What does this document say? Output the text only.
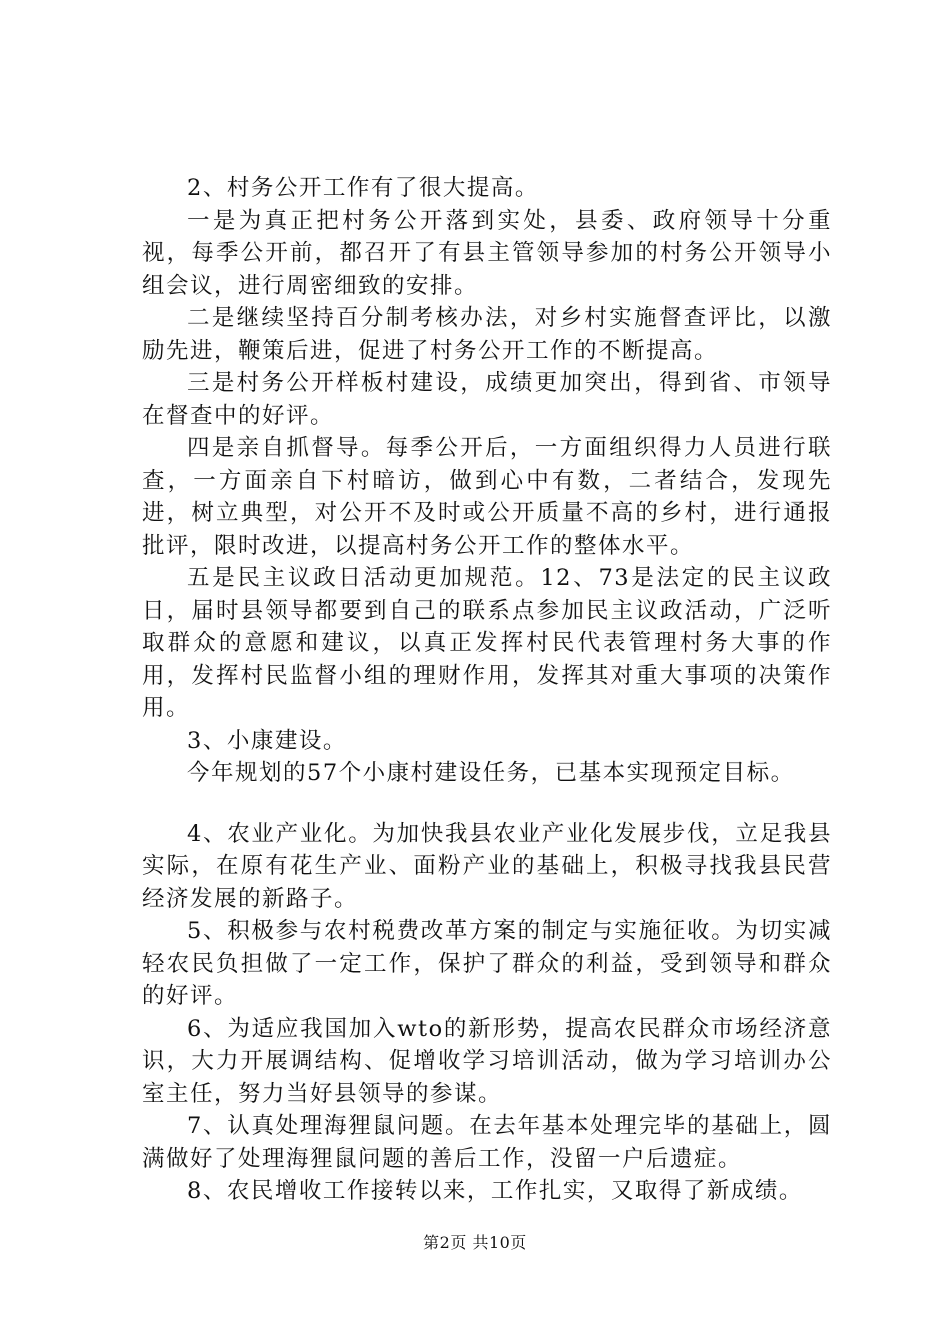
2、村务公开工作有了很大提高。

一是为真正把村务公开落到实处，县委、政府领导十分重视，每季公开前，都召开了有县主管领导参加的村务公开领导小组会议，进行周密细致的安排。

二是继续坚持百分制考核办法，对乡村实施督查评比，以激励先进，鞭策后进，促进了村务公开工作的不断提高。

三是村务公开样板村建设，成绩更加突出，得到省、市领导在督查中的好评。

四是亲自抓督导。每季公开后，一方面组织得力人员进行联查，一方面亲自下村暗访，做到心中有数，二者结合，发现先进，树立典型，对公开不及时或公开质量不高的乡村，进行通报批评，限时改进，以提高村务公开工作的整体水平。

五是民主议政日活动更加规范。12、73是法定的民主议政日，届时县领导都要到自己的联系点参加民主议政活动，广泛听取群众的意愿和建议，以真正发挥村民代表管理村务大事的作用，发挥村民监督小组的理财作用，发挥其对重大事项的决策作用。

3、小康建设。

今年规划的57个小康村建设任务，已基本实现预定目标。

4、农业产业化。为加快我县农业产业化发展步伐，立足我县实际，在原有花生产业、面粉产业的基础上，积极寻找我县民营经济发展的新路子。

5、积极参与农村税费改革方案的制定与实施征收。为切实减轻农民负担做了一定工作，保护了群众的利益，受到领导和群众的好评。

6、为适应我国加入wto的新形势，提高农民群众市场经济意识，大力开展调结构、促增收学习培训活动，做为学习培训办公室主任，努力当好县领导的参谋。

7、认真处理海狸鼠问题。在去年基本处理完毕的基础上，圆满做好了处理海狸鼠问题的善后工作，没留一户后遗症。

8、农民增收工作接转以来，工作扎实，又取得了新成绩。

第2页 共10页
